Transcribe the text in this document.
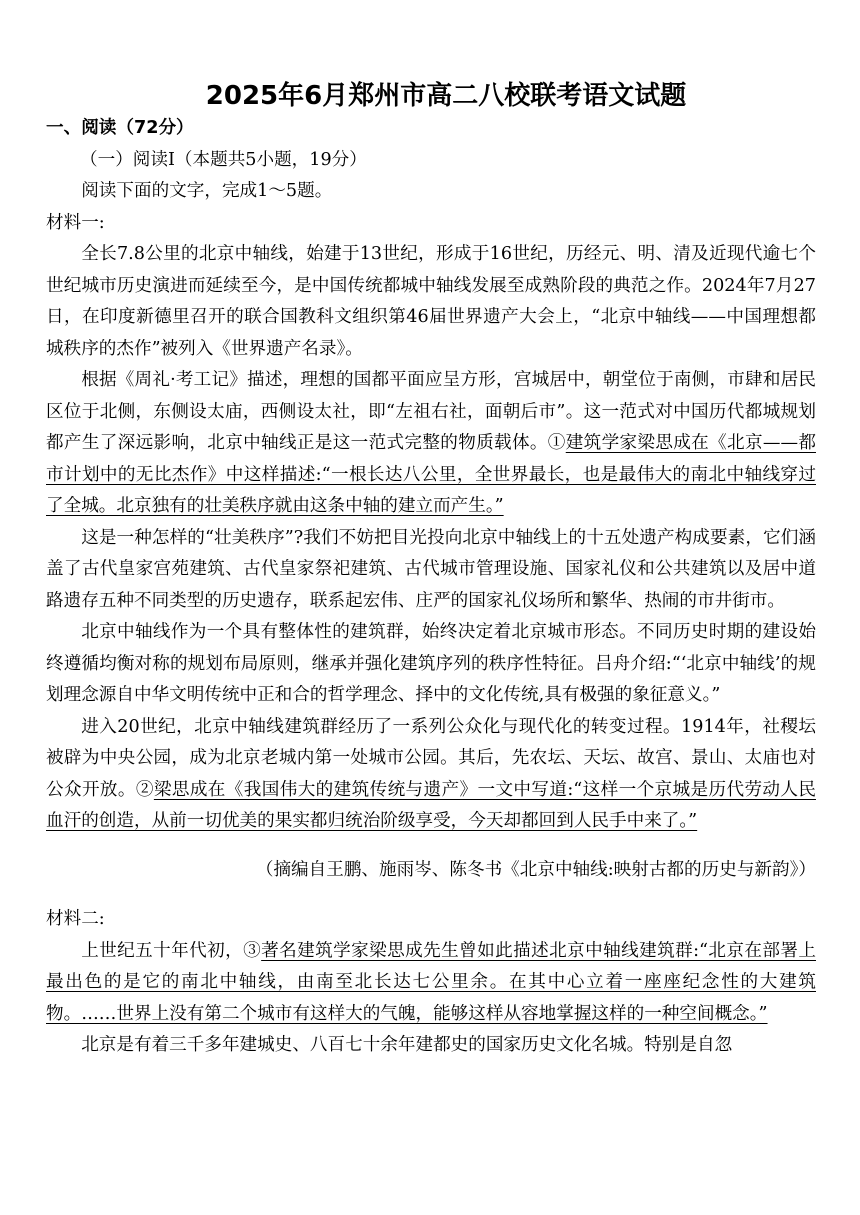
2025年6月郑州市高二八校联考语文试题

一、阅读（72分）

（一）阅读I（本题共5小题，19分）

阅读下面的文字，完成1～5题。

材料一:

全长7.8公里的北京中轴线，始建于13世纪，形成于16世纪，历经元、明、清及近现代逾七个世纪城市历史演进而延续至今，是中国传统都城中轴线发展至成熟阶段的典范之作。2024年7月27日，在印度新德里召开的联合国教科文组织第46届世界遗产大会上，“北京中轴线——中国理想都城秩序的杰作”被列入《世界遗产名录》。

根据《周礼·考工记》描述，理想的国都平面应呈方形，宫城居中，朝堂位于南侧，市肆和居民区位于北侧，东侧设太庙，西侧设太社，即“左祖右社，面朝后市”。这一范式对中国历代都城规划都产生了深远影响，北京中轴线正是这一范式完整的物质载体。①建筑学家梁思成在《北京——都市计划中的无比杰作》中这样描述:“一根长达八公里，全世界最长，也是最伟大的南北中轴线穿过了全城。北京独有的壮美秩序就由这条中轴的建立而产生。”

这是一种怎样的“壮美秩序”?我们不妨把目光投向北京中轴线上的十五处遗产构成要素，它们涵盖了古代皇家宫苑建筑、古代皇家祭祀建筑、古代城市管理设施、国家礼仪和公共建筑以及居中道路遗存五种不同类型的历史遗存，联系起宏伟、庄严的国家礼仪场所和繁华、热闹的市井街市。

北京中轴线作为一个具有整体性的建筑群，始终决定着北京城市形态。不同历史时期的建设始终遵循均衡对称的规划布局原则，继承并强化建筑序列的秩序性特征。吕舟介绍:“‘北京中轴线’的规划理念源自中华文明传统中正和合的哲学理念、择中的文化传统,具有极强的象征意义。”

进入20世纪，北京中轴线建筑群经历了一系列公众化与现代化的转变过程。1914年，社稷坛被辟为中央公园，成为北京老城内第一处城市公园。其后，先农坛、天坛、故宫、景山、太庙也对公众开放。②梁思成在《我国伟大的建筑传统与遗产》一文中写道:“这样一个京城是历代劳动人民血汗的创造，从前一切优美的果实都归统治阶级享受，今天却都回到人民手中来了。”

（摘编自王鹏、施雨岑、陈冬书《北京中轴线:映射古都的历史与新韵》）

材料二:

上世纪五十年代初，③著名建筑学家梁思成先生曾如此描述北京中轴线建筑群:“北京在部署上最出色的是它的南北中轴线，由南至北长达七公里余。在其中心立着一座座纪念性的大建筑物。……世界上没有第二个城市有这样大的气魄，能够这样从容地掌握这样的一种空间概念。”

北京是有着三千多年建城史、八百七十余年建都史的国家历史文化名城。特别是自忽
